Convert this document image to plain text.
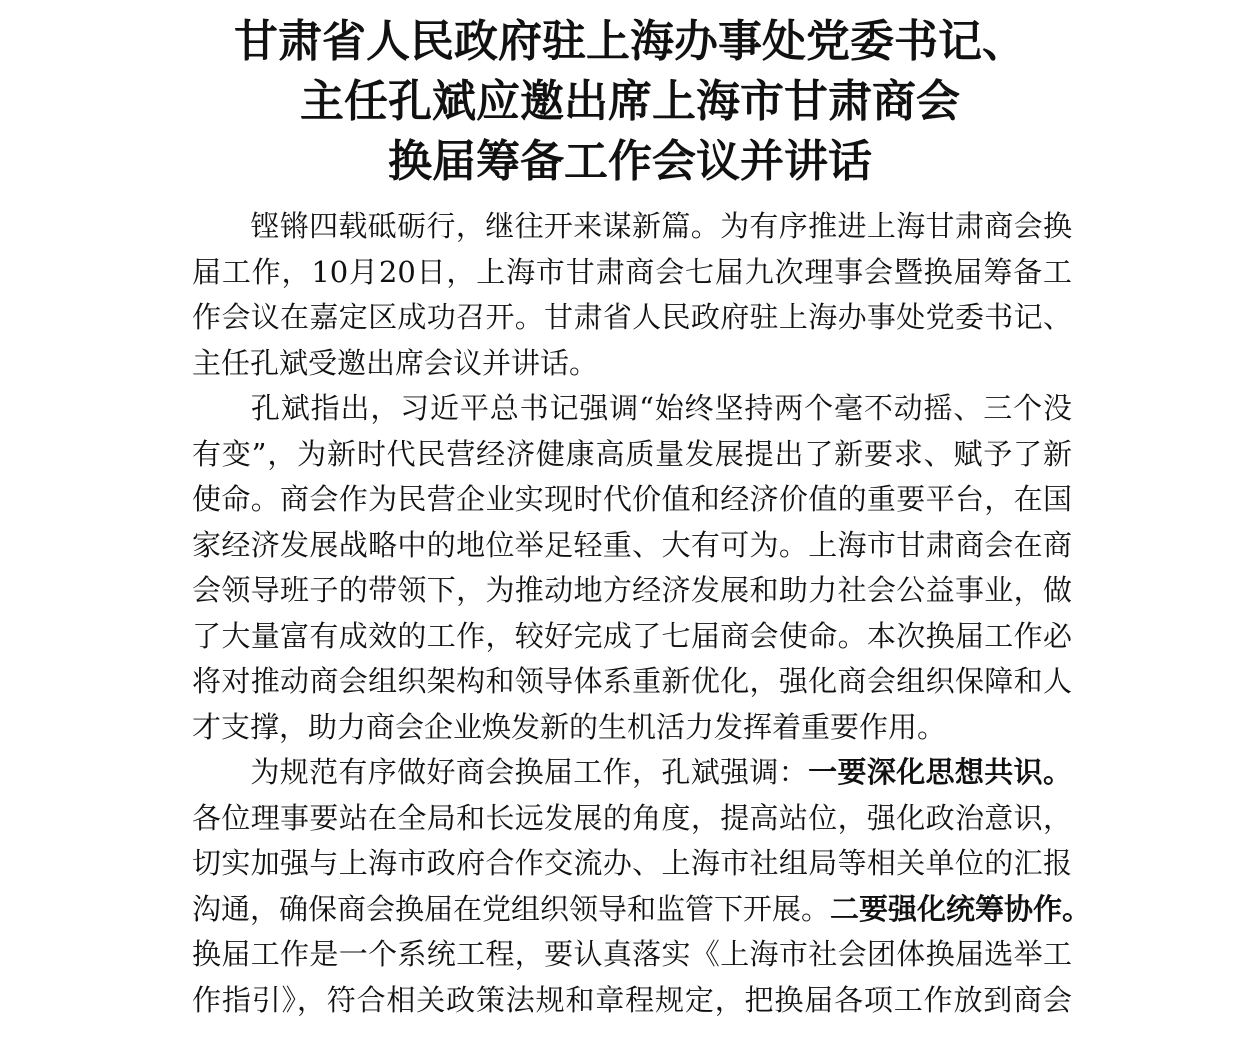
甘肃省人民政府驻上海办事处党委书记、
主任孔斌应邀出席上海市甘肃商会
换届筹备工作会议并讲话
铿锵四载砥砺行，继往开来谋新篇。为有序推进上海甘肃商会换
届工作，10月20日，上海市甘肃商会七届九次理事会暨换届筹备工
作会议在嘉定区成功召开。甘肃省人民政府驻上海办事处党委书记、
主任孔斌受邀出席会议并讲话。
孔斌指出，习近平总书记强调“始终坚持两个毫不动摇、三个没
有变”，为新时代民营经济健康高质量发展提出了新要求、赋予了新
使命。商会作为民营企业实现时代价值和经济价值的重要平台，在国
家经济发展战略中的地位举足轻重、大有可为。上海市甘肃商会在商
会领导班子的带领下，为推动地方经济发展和助力社会公益事业，做
了大量富有成效的工作，较好完成了七届商会使命。本次换届工作必
将对推动商会组织架构和领导体系重新优化，强化商会组织保障和人
才支撑，助力商会企业焕发新的生机活力发挥着重要作用。
为规范有序做好商会换届工作，孔斌强调：一要深化思想共识。
各位理事要站在全局和长远发展的角度，提高站位，强化政治意识，
切实加强与上海市政府合作交流办、上海市社组局等相关单位的汇报
沟通，确保商会换届在党组织领导和监管下开展。二要强化统筹协作。
换届工作是一个系统工程，要认真落实《上海市社会团体换届选举工
作指引》，符合相关政策法规和章程规定，把换届各项工作放到商会
